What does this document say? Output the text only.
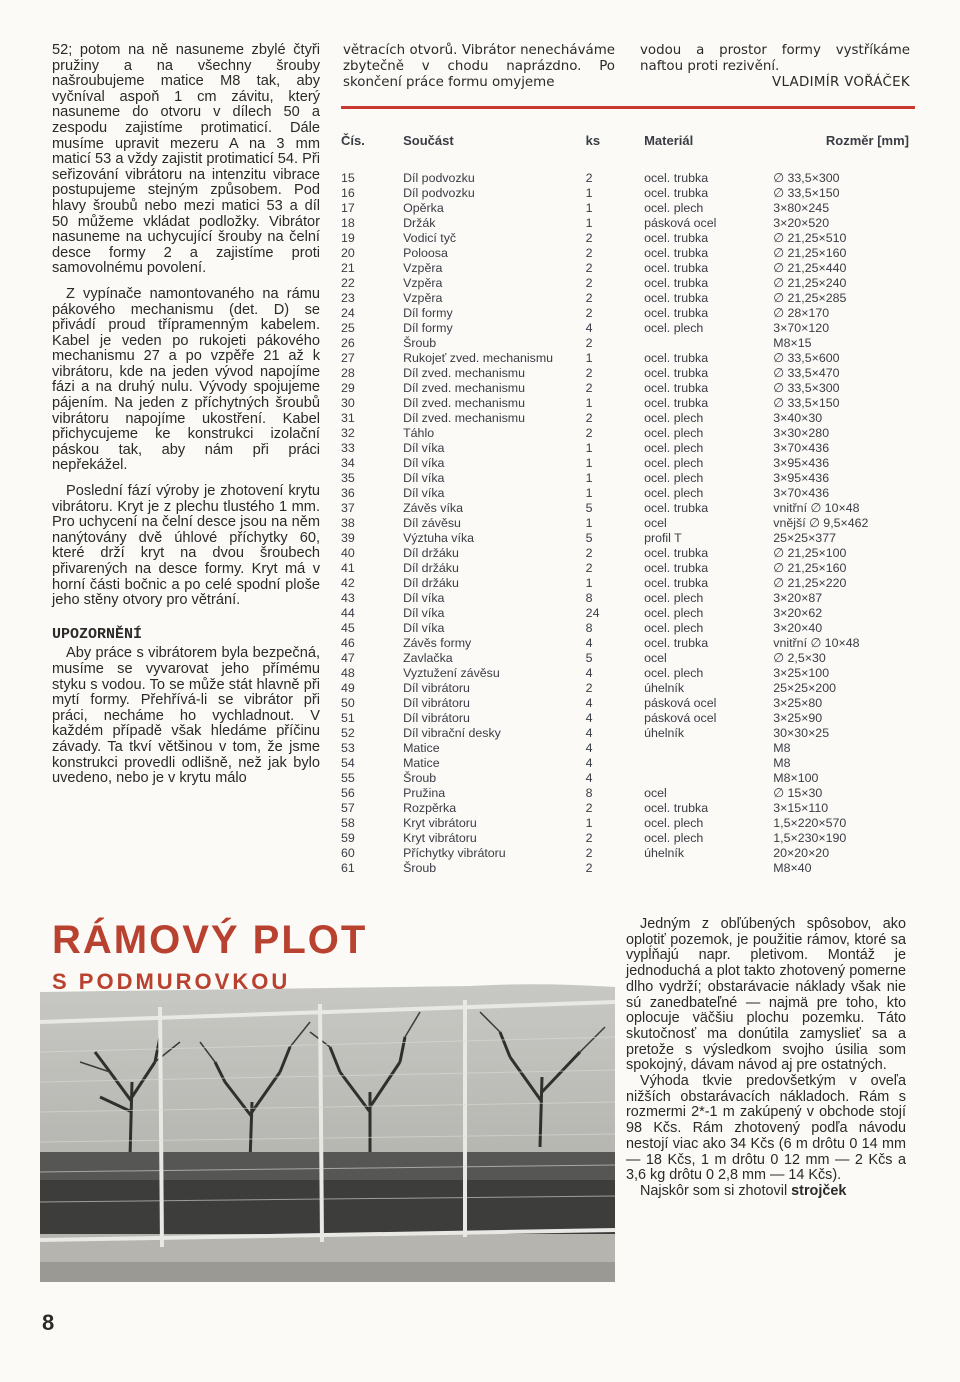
52; potom na ně nasuneme zbylé čtyři pružiny a na všechny šrouby našroubujeme matice M8 tak, aby vyčníval aspoň 1 cm závitu, který nasuneme do otvoru v dílech 50 a zespodu zajistíme protimaticí. Dále musíme upravit mezeru A na 3 mm maticí 53 a vždy zajistit protimaticí 54. Při seřizování vibrátoru na intenzitu vibrace postupujeme stejným způsobem. Pod hlavy šroubů nebo mezi matici 53 a díl 50 můžeme vkládat podložky. Vibrátor nasuneme na uchycující šrouby na čelní desce formy 2 a zajistíme proti samovolnému povolení.

Z vypínače namontovaného na rámu pákového mechanismu (det. D) se přivádí proud třípramenným kabelem. Kabel je veden po rukojeti pákového mechanismu 27 a po vzpěře 21 až k vibrátoru, kde na jeden vývod napojíme fázi a na druhý nulu. Vývody spojujeme pájením. Na jeden z příchytných šroubů vibrátoru napojíme ukostření. Kabel přichycujeme ke konstrukci izolační páskou tak, aby nám při práci nepřekážel.

Poslední fází výroby je zhotovení krytu vibrátoru. Kryt je z plechu tlustého 1 mm. Pro uchycení na čelní desce jsou na něm nanýtovány dvě úhlové příchytky 60, které drží kryt na dvou šroubech přivarených na desce formy. Kryt má v horní části bočnic a po celé spodní ploše jeho stěny otvory pro větrání.

UPOZORNĚNÍ

Aby práce s vibrátorem byla bezpečná, musíme se vyvarovat jeho přímému styku s vodou. To se může stát hlavně při mytí formy. Přehřívá-li se vibrátor při práci, necháme ho vychladnout. V každém případě však hledáme příčinu závady. Ta tkví většinou v tom, že jsme konstrukci provedli odlišně, než jak bylo uvedeno, nebo je v krytu málo

větracích otvorů. Vibrátor nenecháváme zbytečně v chodu naprázdno. Po skončení práce formu omyjeme

vodou a prostor formy vystříkáme naftou proti rezivění.

VLADIMÍR VOŘÁČEK

Čís.	Součást	ks	Materiál	Rozměr [mm]
15	Díl podvozku	2	ocel. trubka	∅ 33,5×300
16	Díl podvozku	1	ocel. trubka	∅ 33,5×150
17	Opěrka	1	ocel. plech	3×80×245
18	Držák	1	pásková ocel	3×20×520
19	Vodicí tyč	2	ocel. trubka	∅ 21,25×510
20	Poloosa	2	ocel. trubka	∅ 21,25×160
21	Vzpěra	2	ocel. trubka	∅ 21,25×440
22	Vzpěra	2	ocel. trubka	∅ 21,25×240
23	Vzpěra	2	ocel. trubka	∅ 21,25×285
24	Díl formy	2	ocel. trubka	∅ 28×170
25	Díl formy	4	ocel. plech	3×70×120
26	Šroub	2		M8×15
27	Rukojeť zved. mechanismu	1	ocel. trubka	∅ 33,5×600
28	Díl zved. mechanismu	2	ocel. trubka	∅ 33,5×470
29	Díl zved. mechanismu	2	ocel. trubka	∅ 33,5×300
30	Díl zved. mechanismu	1	ocel. trubka	∅ 33,5×150
31	Díl zved. mechanismu	2	ocel. plech	3×40×30
32	Táhlo	2	ocel. plech	3×30×280
33	Díl víka	1	ocel. plech	3×70×436
34	Díl víka	1	ocel. plech	3×95×436
35	Díl víka	1	ocel. plech	3×95×436
36	Díl víka	1	ocel. plech	3×70×436
37	Závěs víka	5	ocel. trubka	vnitřní ∅ 10×48
38	Díl závěsu	1	ocel	vnější ∅ 9,5×462
39	Výztuha víka	5	profil T	25×25×377
40	Díl držáku	2	ocel. trubka	∅ 21,25×100
41	Díl držáku	2	ocel. trubka	∅ 21,25×160
42	Díl držáku	1	ocel. trubka	∅ 21,25×220
43	Díl víka	8	ocel. plech	3×20×87
44	Díl víka	24	ocel. plech	3×20×62
45	Díl víka	8	ocel. plech	3×20×40
46	Závěs formy	4	ocel. trubka	vnitřní ∅ 10×48
47	Zavlačka	5	ocel	∅ 2,5×30
48	Vyztužení závěsu	4	ocel. plech	3×25×100
49	Díl vibrátoru	2	úhelník	25×25×200
50	Díl vibrátoru	4	pásková ocel	3×25×80
51	Díl vibrátoru	4	pásková ocel	3×25×90
52	Díl vibrační desky	4	úhelník	30×30×25
53	Matice	4		M8
54	Matice	4		M8
55	Šroub	4		M8×100
56	Pružina	8	ocel	∅ 15×30
57	Rozpěrka	2	ocel. trubka	3×15×110
58	Kryt vibrátoru	1	ocel. plech	1,5×220×570
59	Kryt vibrátoru	2	ocel. plech	1,5×230×190
60	Příchytky vibrátoru	2	úhelník	20×20×20
61	Šroub	2		M8×40
RÁMOVÝ PLOT
S PODMUROVKOU

Jedným z obľúbených spôsobov, ako oplotiť pozemok, je použitie rámov, ktoré sa vypĺňajú napr. pletivom. Montáž je jednoduchá a plot takto zhotovený pomerne dlho vydrží; obstarávacie náklady však nie sú zanedbateľné — najmä pre toho, kto oplocuje väčšiu plochu pozemku. Táto skutočnosť ma donútila zamyslieť sa a pretože s výsledkom svojho úsilia som spokojný, dávam návod aj pre ostatných.

Výhoda tkvie predovšetkým v oveľa nižších obstarávacích nákladoch. Rám s rozmermi 2*-1 m zakúpený v obchode stojí 98 Kčs. Rám zhotovený podľa návodu nestojí viac ako 34 Kčs (6 m drôtu 0 14 mm — 18 Kčs, 1 m drôtu 0 12 mm — 2 Kčs a 3,6 kg drôtu 0 2,8 mm — 14 Kčs).

Najskôr som si zhotovil strojček

8
